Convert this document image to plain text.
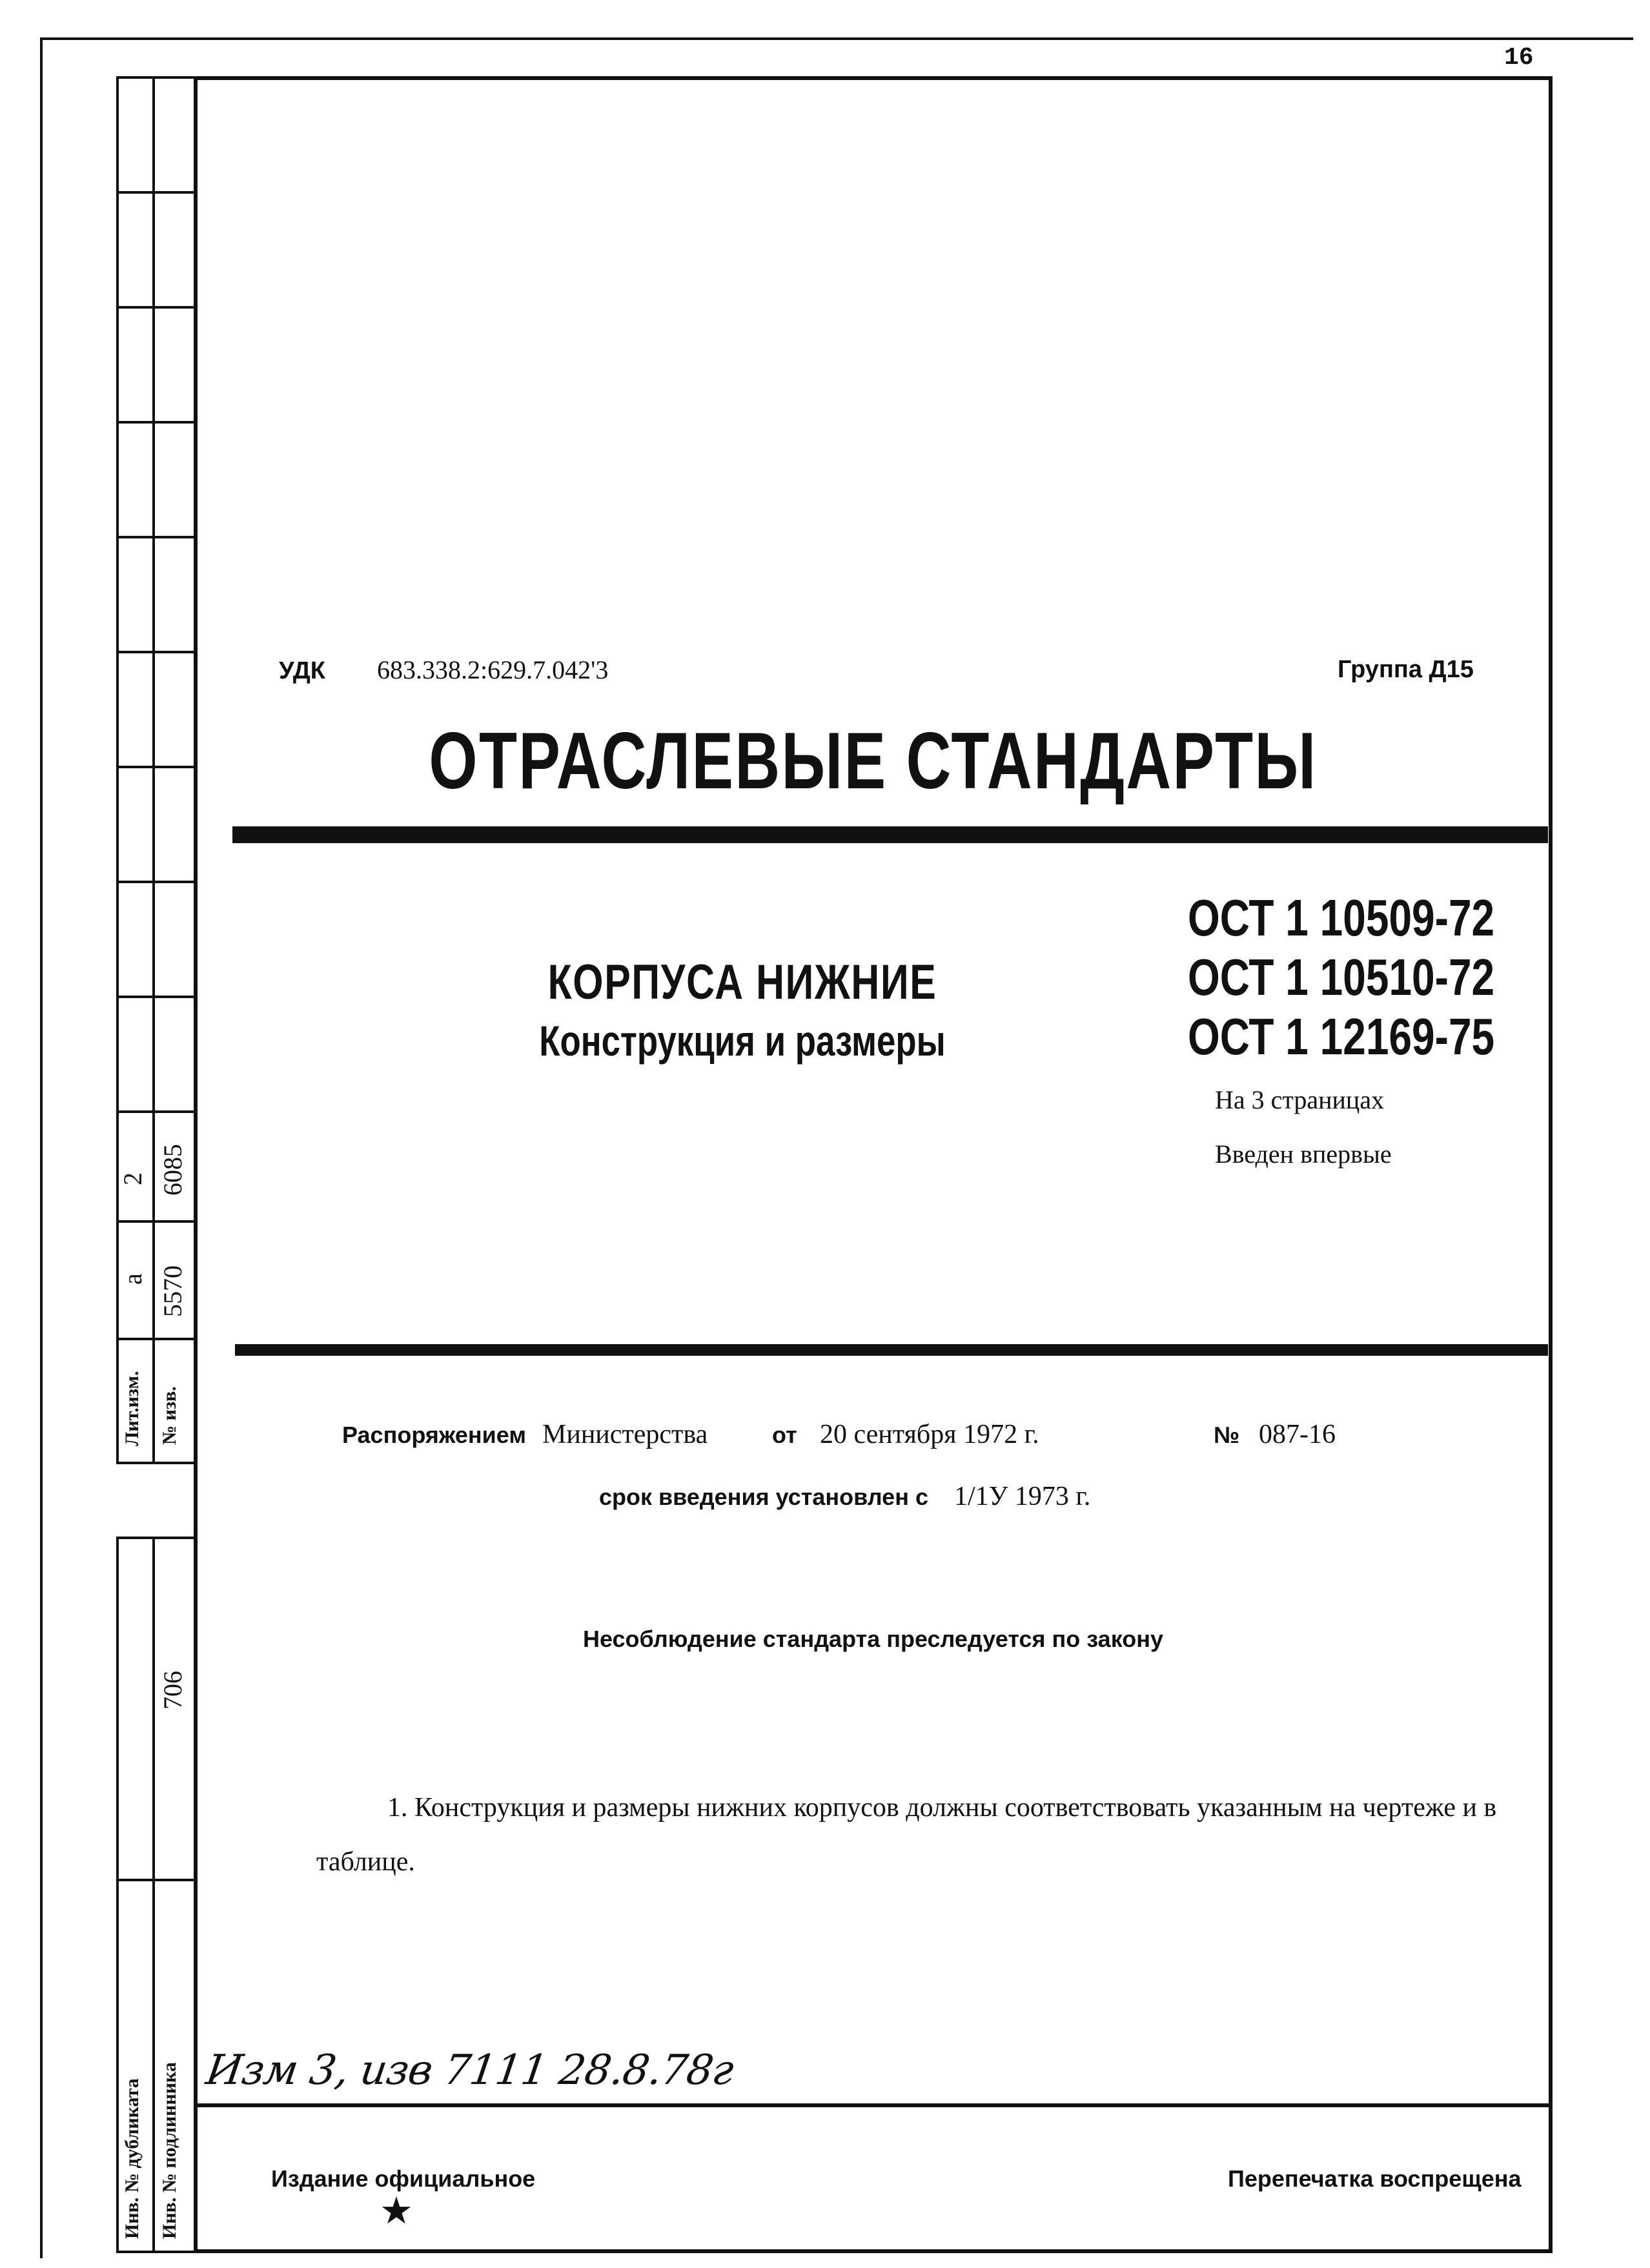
2 6085
а 5570
Лит.изм. № изв.
706
Инв. № дубликата Инв. № подлинника
16
УДК 683.338.2:629.7.042'3	Группа Д15
ОТРАСЛЕВЫЕ СТАНДАРТЫ
КОРПУСА НИЖНИЕ
Конструкция и размеры
ОСТ 1 10509-72
ОСТ 1 10510-72
ОСТ 1 12169-75
На 3 страницах
Введен впервые
Распоряжением Министерства	от 20 сентября 1972 г.	№ 087-16
срок введения установлен с 1/1У 1973 г.
Несоблюдение стандарта преследуется по закону
1. Конструкция и размеры нижних корпусов должны соответствовать указанным на чертеже и в таблице.
Изм 3, изв 7111 28.8.78г
Издание официальное
★
Перепечатка воспрещена
